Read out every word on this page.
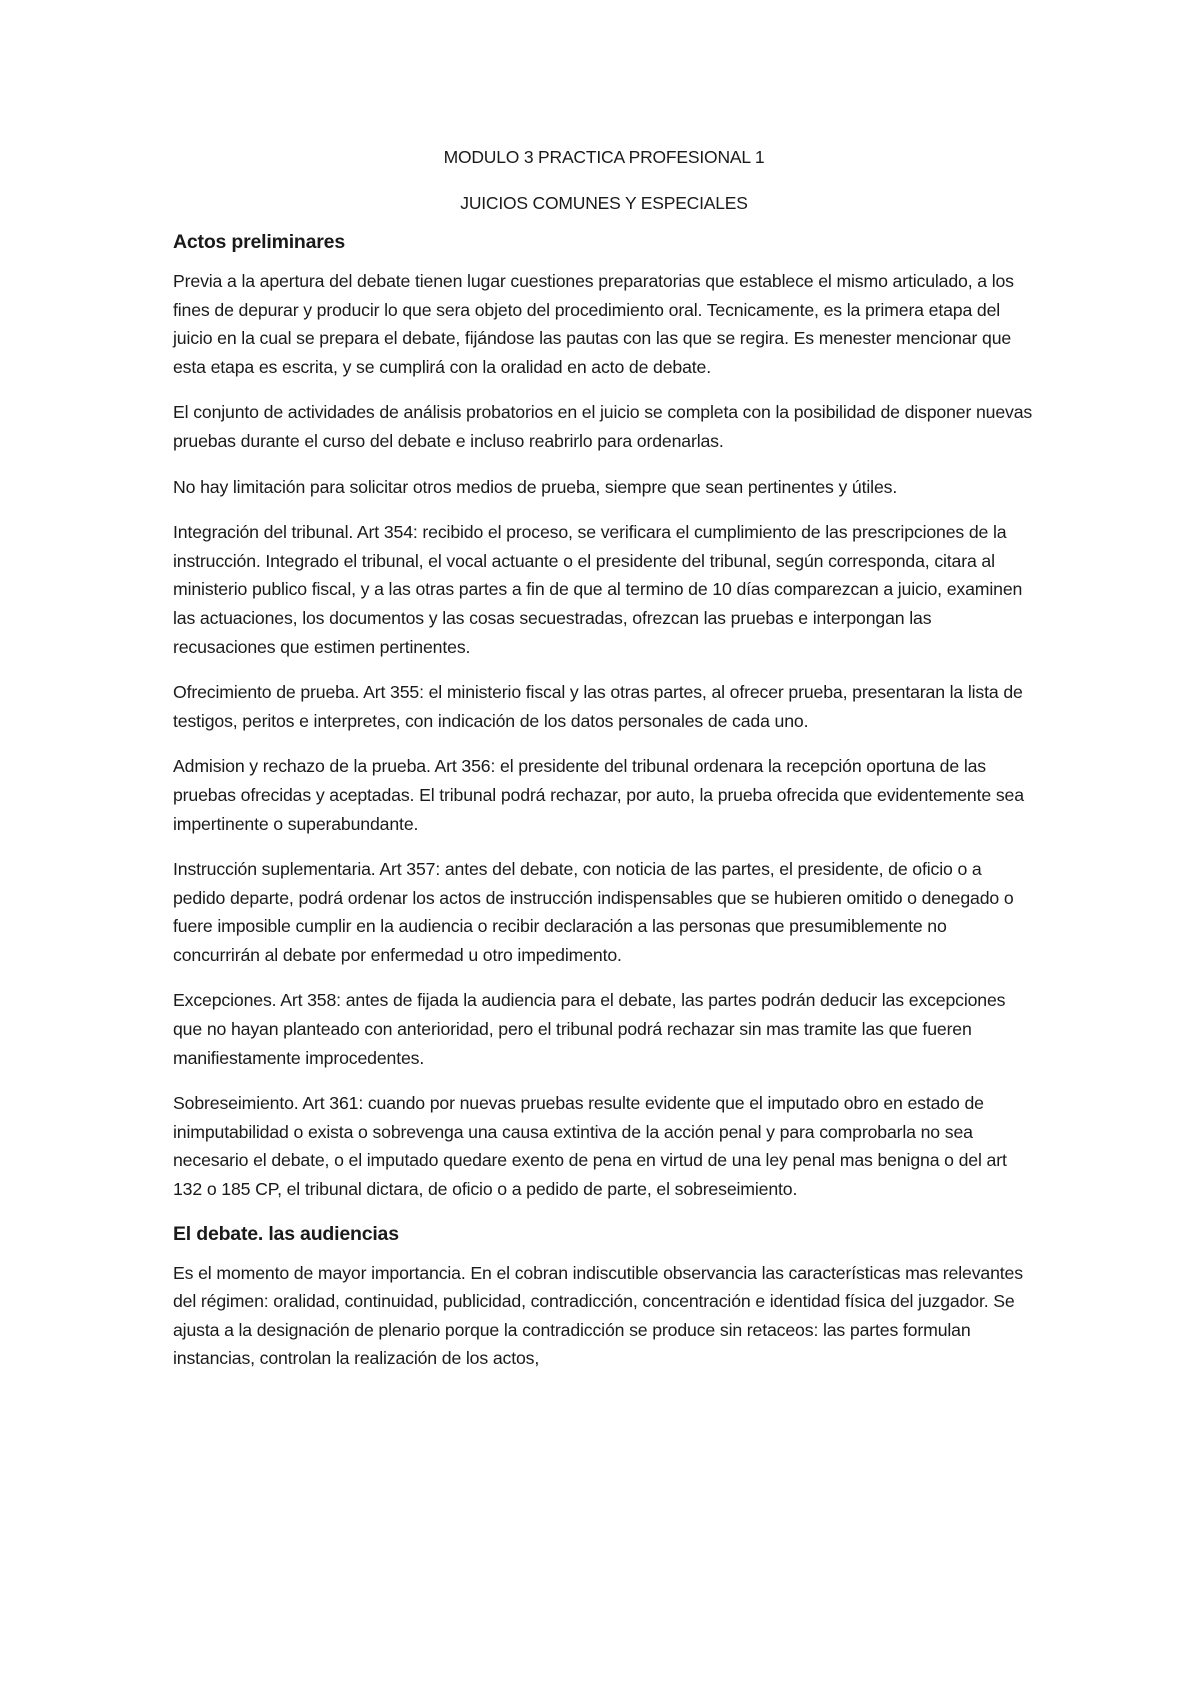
MODULO 3 PRACTICA PROFESIONAL 1
JUICIOS COMUNES Y ESPECIALES
Actos preliminares

Previa a la apertura del debate tienen lugar cuestiones preparatorias que establece el mismo articulado, a los fines de depurar y producir lo que sera objeto del procedimiento oral. Tecnicamente, es la primera etapa del juicio en la cual se prepara el debate, fijándose las pautas con las que se regira. Es menester mencionar que esta etapa es escrita, y se cumplirá con la oralidad en acto de debate.

El conjunto de actividades de análisis probatorios en el juicio se completa con la posibilidad de disponer nuevas pruebas durante el curso del debate e incluso reabrirlo para ordenarlas.

No hay limitación para solicitar otros medios de prueba, siempre que sean pertinentes y útiles.

Integración del tribunal. Art 354: recibido el proceso, se verificara el cumplimiento de las prescripciones de la instrucción. Integrado el tribunal, el vocal actuante o el presidente del tribunal, según corresponda, citara al ministerio publico fiscal, y a las otras partes a fin de que al termino de 10 días comparezcan a juicio, examinen las actuaciones, los documentos y las cosas secuestradas, ofrezcan las pruebas e interpongan las recusaciones que estimen pertinentes.

Ofrecimiento de prueba. Art 355: el ministerio fiscal y las otras partes, al ofrecer prueba, presentaran la lista de testigos, peritos e interpretes, con indicación de los datos personales de cada uno.

Admision y rechazo de la prueba. Art 356: el presidente del tribunal ordenara la recepción oportuna de las pruebas ofrecidas y aceptadas. El tribunal podrá rechazar, por auto, la prueba ofrecida que evidentemente sea impertinente o superabundante.

Instrucción suplementaria. Art 357: antes del debate, con noticia de las partes, el presidente, de oficio o a pedido departe, podrá ordenar los actos de instrucción indispensables que se hubieren omitido o denegado o fuere imposible cumplir en la audiencia o recibir declaración a las personas que presumiblemente no concurrirán al debate por enfermedad u otro impedimento.

Excepciones. Art 358: antes de fijada la audiencia para el debate, las partes podrán deducir las excepciones que no hayan planteado con anterioridad, pero el tribunal podrá rechazar sin mas tramite las que fueren manifiestamente improcedentes.

Sobreseimiento. Art 361: cuando por nuevas pruebas resulte evidente que el imputado obro en estado de inimputabilidad o exista o sobrevenga una causa extintiva de la acción penal y para comprobarla no sea necesario el debate, o el imputado quedare exento de pena en virtud de una ley penal mas benigna o del art 132 o 185 CP, el tribunal dictara, de oficio o a pedido de parte, el sobreseimiento.

El debate. las audiencias

Es el momento de mayor importancia. En el cobran indiscutible observancia las características mas relevantes del régimen: oralidad, continuidad, publicidad, contradicción, concentración e identidad física del juzgador. Se ajusta a la designación de plenario porque la contradicción se produce sin retaceos: las partes formulan instancias, controlan la realización de los actos,
